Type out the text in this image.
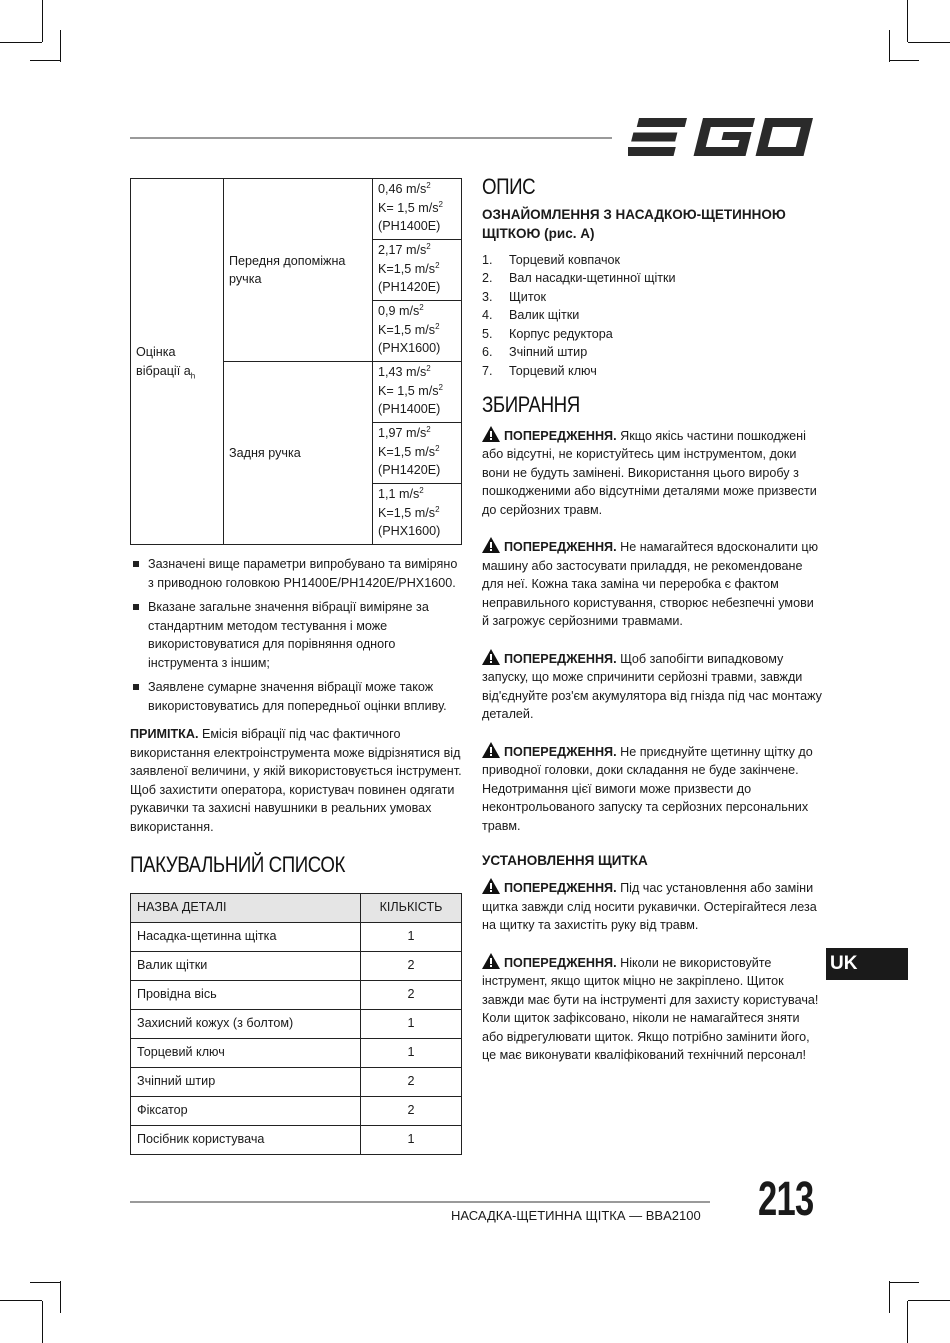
Оцінка вібрації $a_h$	Передня допоміжна ручка	0,46 $m/s^2$
K= 1,5 $m/s^2$
(PH1400E)
		2,17 $m/s^2$
K=1,5 $m/s^2$
(PH1420E)
		0,9 $m/s^2$
K=1,5 $m/s^2$
(PHX1600)
	Задня ручка	1,43 $m/s^2$
K= 1,5 $m/s^2$
(PH1400E)
		1,97 $m/s^2$
K=1,5 $m/s^2$
(PH1420E)
		1,1 $m/s^2$
K=1,5 $m/s^2$
(PHX1600)
Зазначені вище параметри випробувано та виміряно з приводною головкою PH1400E/PH1420E/PHX1600.
Вказане загальне значення вібрації виміряне за стандартним методом тестування і може використовуватися для порівняння одного інструмента з іншим;
Заявлене сумарне значення вібрації може також використовуватись для попередньої оцінки впливу.
ПРИМІТКА. Емісія вібрації під час фактичного використання електроінструмента може відрізнятися від заявленої величини, у якій використовується інструмент. Щоб захистити оператора, користувач повинен одягати рукавички та захисні навушники в реальних умовах використання.
ПАКУВАЛЬНИЙ СПИСОК
НАЗВА ДЕТАЛІ	КІЛЬКІСТЬ
Насадка-щетинна щітка	1
Валик щітки	2
Провідна вісь	2
Захисний кожух (з болтом)	1
Торцевий ключ	1
Зчіпний штир	2
Фіксатор	2
Посібник користувача	1
ОПИС
ОЗНАЙОМЛЕННЯ З НАСАДКОЮ-ЩЕТИННОЮ ЩІТКОЮ (рис. А)
1.	Торцевий ковпачок
2.	Вал насадки-щетинної щітки
3.	Щиток
4.	Валик щітки
5.	Корпус редуктора
6.	Зчіпний штир
7.	Торцевий ключ
ЗБИРАННЯ
ПОПЕРЕДЖЕННЯ. Якщо якісь частини пошкоджені або відсутні, не користуйтесь цим інструментом, доки вони не будуть замінені. Використання цього виробу з пошкодженими або відсутніми деталями може призвести до серйозних травм.
ПОПЕРЕДЖЕННЯ. Не намагайтеся вдосконалити цю машину або застосувати приладдя, не рекомендоване для неї. Кожна така заміна чи переробка є фактом неправильного користування, створює небезпечні умови й загрожує серйозними травмами.
ПОПЕРЕДЖЕННЯ. Щоб запобігти випадковому запуску, що може спричинити серйозні травми, завжди від'єднуйте роз'єм акумулятора від гнізда під час монтажу деталей.
ПОПЕРЕДЖЕННЯ. Не приєднуйте щетинну щітку до приводної головки, доки складання не буде закінчене. Недотримання цієї вимоги може призвести до неконтрольованого запуску та серйозних персональних травм.
УСТАНОВЛЕННЯ ЩИТКА
ПОПЕРЕДЖЕННЯ. Під час установлення або заміни щитка завжди слід носити рукавички. Остерігайтеся леза на щитку та захистіть руку від травм.
ПОПЕРЕДЖЕННЯ. Ніколи не використовуйте інструмент, якщо щиток міцно не закріплено. Щиток завжди має бути на інструменті для захисту користувача! Коли щиток зафіксовано, ніколи не намагайтеся зняти або відрегулювати щиток. Якщо потрібно замінити його, це має виконувати кваліфікований технічний персонал!
UK
НАСАДКА-ЩЕТИННА ЩІТКА — BBA2100 213
